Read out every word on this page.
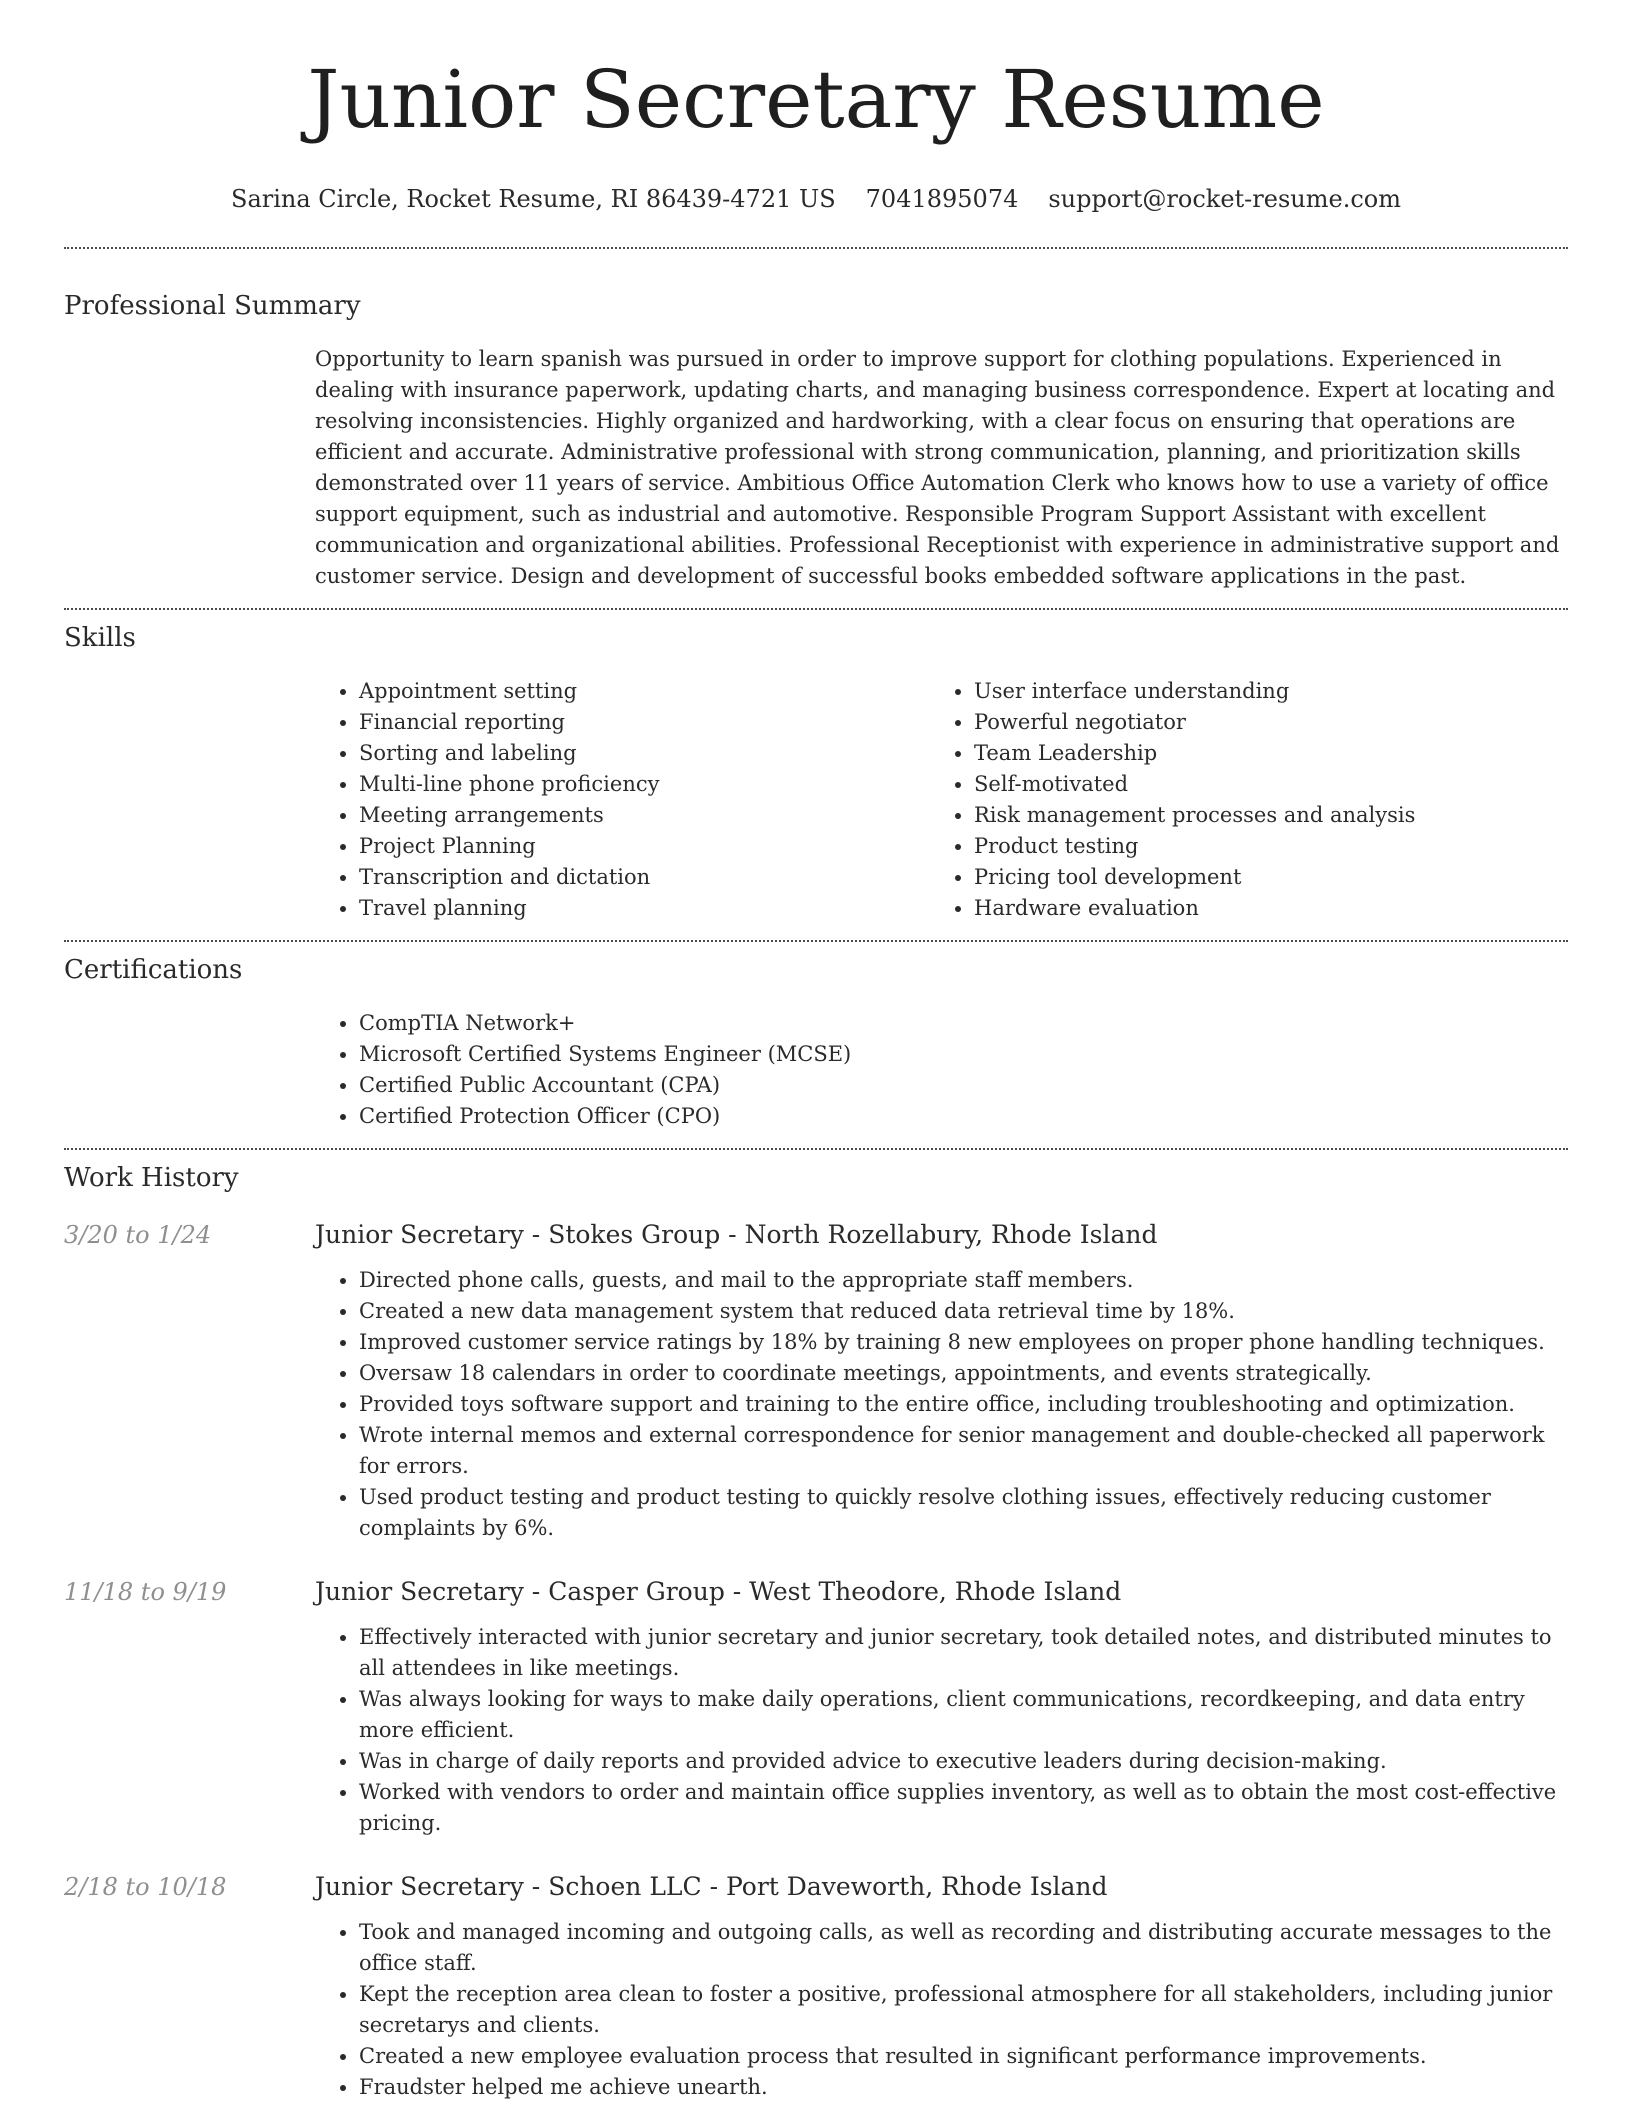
Junior Secretary Resume
Sarina Circle, Rocket Resume, RI 86439-4721 US 7041895074 support@rocket-resume.com
Professional Summary

Opportunity to learn spanish was pursued in order to improve support for clothing populations. Experienced in dealing with insurance paperwork, updating charts, and managing business correspondence. Expert at locating and resolving inconsistencies. Highly organized and hardworking, with a clear focus on ensuring that operations are efficient and accurate. Administrative professional with strong communication, planning, and prioritization skills demonstrated over 11 years of service. Ambitious Office Automation Clerk who knows how to use a variety of office support equipment, such as industrial and automotive. Responsible Program Support Assistant with excellent communication and organizational abilities. Professional Receptionist with experience in administrative support and customer service. Design and development of successful books embedded software applications in the past.

Skills
• Appointment setting
• Financial reporting
• Sorting and labeling
• Multi-line phone proficiency
• Meeting arrangements
• Project Planning
• Transcription and dictation
• Travel planning
• User interface understanding
• Powerful negotiator
• Team Leadership
• Self-motivated
• Risk management processes and analysis
• Product testing
• Pricing tool development
• Hardware evaluation
Certifications
• CompTIA Network+
• Microsoft Certified Systems Engineer (MCSE)
• Certified Public Accountant (CPA)
• Certified Protection Officer (CPO)
Work History
3/20 to 1/24	Junior Secretary - Stokes Group - North Rozellabury, Rhode Island
• Directed phone calls, guests, and mail to the appropriate staff members.
• Created a new data management system that reduced data retrieval time by 18%.
• Improved customer service ratings by 18% by training 8 new employees on proper phone handling techniques.
• Oversaw 18 calendars in order to coordinate meetings, appointments, and events strategically.
• Provided toys software support and training to the entire office, including troubleshooting and optimization.
• Wrote internal memos and external correspondence for senior management and double-checked all paperwork for errors.
• Used product testing and product testing to quickly resolve clothing issues, effectively reducing customer complaints by 6%.
11/18 to 9/19	Junior Secretary - Casper Group - West Theodore, Rhode Island
• Effectively interacted with junior secretary and junior secretary, took detailed notes, and distributed minutes to all attendees in like meetings.
• Was always looking for ways to make daily operations, client communications, recordkeeping, and data entry more efficient.
• Was in charge of daily reports and provided advice to executive leaders during decision-making.
• Worked with vendors to order and maintain office supplies inventory, as well as to obtain the most cost-effective pricing.
2/18 to 10/18	Junior Secretary - Schoen LLC - Port Daveworth, Rhode Island
• Took and managed incoming and outgoing calls, as well as recording and distributing accurate messages to the office staff.
• Kept the reception area clean to foster a positive, professional atmosphere for all stakeholders, including junior secretarys and clients.
• Created a new employee evaluation process that resulted in significant performance improvements.
• Fraudster helped me achieve unearth.
